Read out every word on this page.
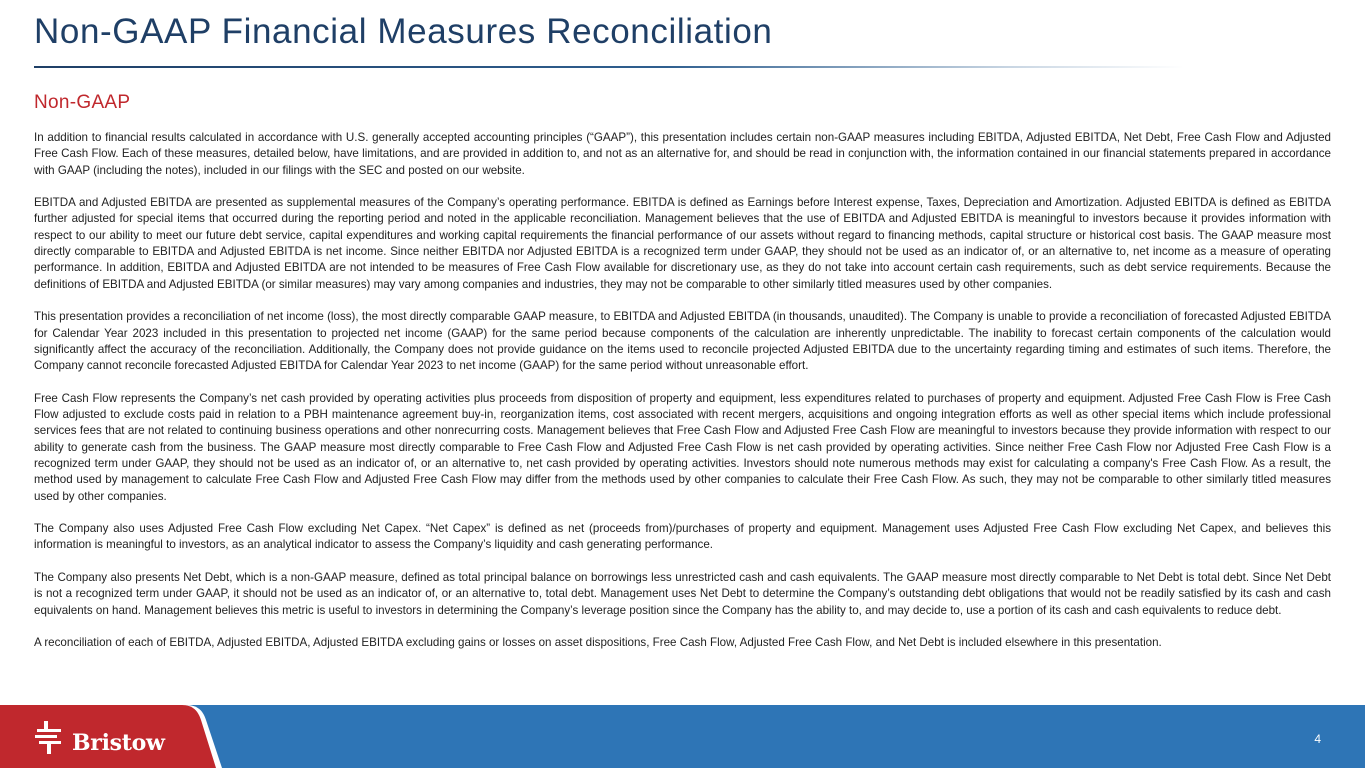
Non-GAAP Financial Measures Reconciliation
Non-GAAP

In addition to financial results calculated in accordance with U.S. generally accepted accounting principles (“GAAP”), this presentation includes certain non-GAAP measures including EBITDA, Adjusted EBITDA, Net Debt, Free Cash Flow and Adjusted Free Cash Flow. Each of these measures, detailed below, have limitations, and are provided in addition to, and not as an alternative for, and should be read in conjunction with, the information contained in our financial statements prepared in accordance with GAAP (including the notes), included in our filings with the SEC and posted on our website.

EBITDA and Adjusted EBITDA are presented as supplemental measures of the Company’s operating performance. EBITDA is defined as Earnings before Interest expense, Taxes, Depreciation and Amortization. Adjusted EBITDA is defined as EBITDA further adjusted for special items that occurred during the reporting period and noted in the applicable reconciliation. Management believes that the use of EBITDA and Adjusted EBITDA is meaningful to investors because it provides information with respect to our ability to meet our future debt service, capital expenditures and working capital requirements the financial performance of our assets without regard to financing methods, capital structure or historical cost basis. The GAAP measure most directly comparable to EBITDA and Adjusted EBITDA is net income. Since neither EBITDA nor Adjusted EBITDA is a recognized term under GAAP, they should not be used as an indicator of, or an alternative to, net income as a measure of operating performance. In addition, EBITDA and Adjusted EBITDA are not intended to be measures of Free Cash Flow available for discretionary use, as they do not take into account certain cash requirements, such as debt service requirements. Because the definitions of EBITDA and Adjusted EBITDA (or similar measures) may vary among companies and industries, they may not be comparable to other similarly titled measures used by other companies.

This presentation provides a reconciliation of net income (loss), the most directly comparable GAAP measure, to EBITDA and Adjusted EBITDA (in thousands, unaudited). The Company is unable to provide a reconciliation of forecasted Adjusted EBITDA for Calendar Year 2023 included in this presentation to projected net income (GAAP) for the same period because components of the calculation are inherently unpredictable. The inability to forecast certain components of the calculation would significantly affect the accuracy of the reconciliation. Additionally, the Company does not provide guidance on the items used to reconcile projected Adjusted EBITDA due to the uncertainty regarding timing and estimates of such items. Therefore, the Company cannot reconcile forecasted Adjusted EBITDA for Calendar Year 2023 to net income (GAAP) for the same period without unreasonable effort.

Free Cash Flow represents the Company’s net cash provided by operating activities plus proceeds from disposition of property and equipment, less expenditures related to purchases of property and equipment. Adjusted Free Cash Flow is Free Cash Flow adjusted to exclude costs paid in relation to a PBH maintenance agreement buy-in, reorganization items, cost associated with recent mergers, acquisitions and ongoing integration efforts as well as other special items which include professional services fees that are not related to continuing business operations and other nonrecurring costs. Management believes that Free Cash Flow and Adjusted Free Cash Flow are meaningful to investors because they provide information with respect to our ability to generate cash from the business. The GAAP measure most directly comparable to Free Cash Flow and Adjusted Free Cash Flow is net cash provided by operating activities. Since neither Free Cash Flow nor Adjusted Free Cash Flow is a recognized term under GAAP, they should not be used as an indicator of, or an alternative to, net cash provided by operating activities. Investors should note numerous methods may exist for calculating a company's Free Cash Flow. As a result, the method used by management to calculate Free Cash Flow and Adjusted Free Cash Flow may differ from the methods used by other companies to calculate their Free Cash Flow. As such, they may not be comparable to other similarly titled measures used by other companies.

The Company also uses Adjusted Free Cash Flow excluding Net Capex. “Net Capex” is defined as net (proceeds from)/purchases of property and equipment. Management uses Adjusted Free Cash Flow excluding Net Capex, and believes this information is meaningful to investors, as an analytical indicator to assess the Company’s liquidity and cash generating performance.

The Company also presents Net Debt, which is a non-GAAP measure, defined as total principal balance on borrowings less unrestricted cash and cash equivalents. The GAAP measure most directly comparable to Net Debt is total debt. Since Net Debt is not a recognized term under GAAP, it should not be used as an indicator of, or an alternative to, total debt. Management uses Net Debt to determine the Company’s outstanding debt obligations that would not be readily satisfied by its cash and cash equivalents on hand. Management believes this metric is useful to investors in determining the Company’s leverage position since the Company has the ability to, and may decide to, use a portion of its cash and cash equivalents to reduce debt.

A reconciliation of each of EBITDA, Adjusted EBITDA, Adjusted EBITDA excluding gains or losses on asset dispositions, Free Cash Flow, Adjusted Free Cash Flow, and Net Debt is included elsewhere in this presentation.

Bristow	4
